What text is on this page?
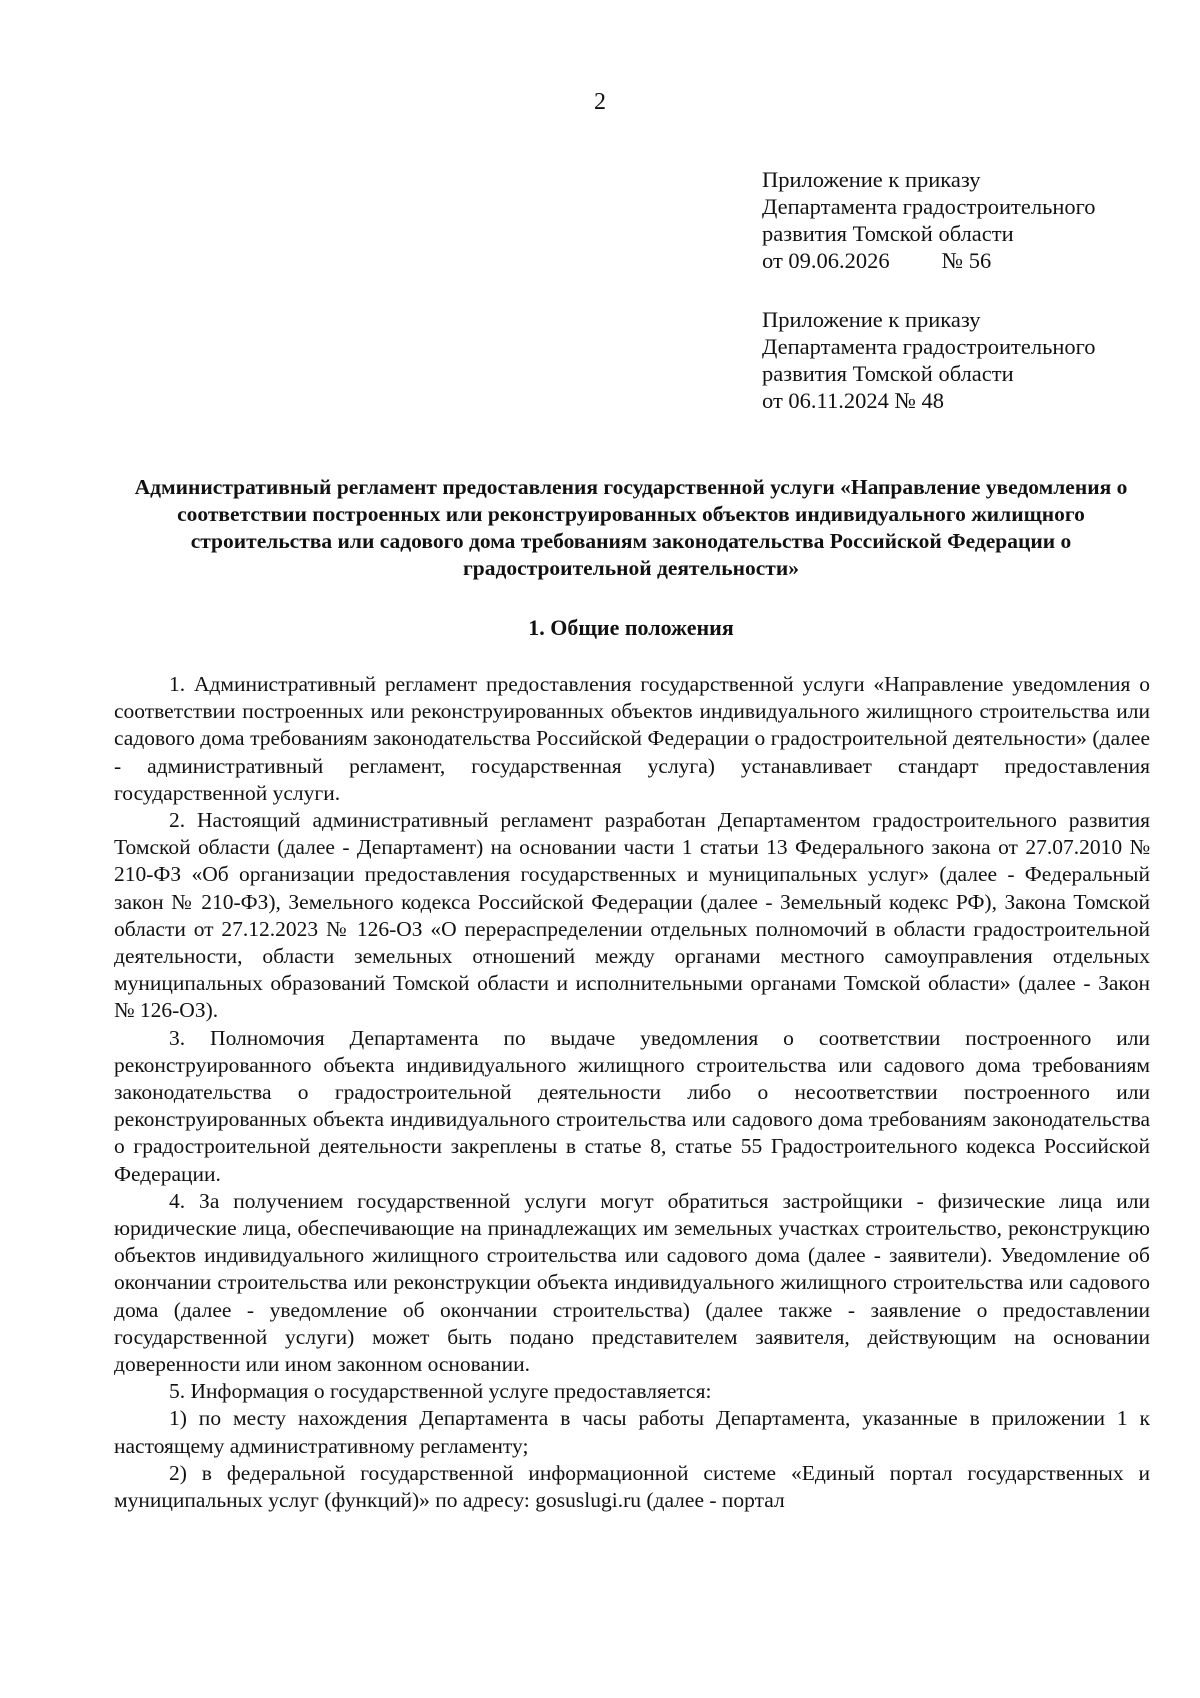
2
Приложение к приказу
Департамента градостроительного
развития Томской области
от 09.06.2026 № 56
Приложение к приказу
Департамента градостроительного
развития Томской области
от 06.11.2024 № 48
Административный регламент предоставления государственной услуги «Направление уведомления о соответствии построенных или реконструированных объектов индивидуального жилищного строительства или садового дома требованиям законодательства Российской Федерации о градостроительной деятельности»
1. Общие положения

1. Административный регламент предоставления государственной услуги «Направление уведомления о соответствии построенных или реконструированных объектов индивидуального жилищного строительства или садового дома требованиям законодательства Российской Федерации о градостроительной деятельности» (далее - административный регламент, государственная услуга) устанавливает стандарт предоставления государственной услуги.

2. Настоящий административный регламент разработан Департаментом градостроительного развития Томской области (далее - Департамент) на основании части 1 статьи 13 Федерального закона от 27.07.2010 № 210-ФЗ «Об организации предоставления государственных и муниципальных услуг» (далее - Федеральный закон № 210-ФЗ), Земельного кодекса Российской Федерации (далее - Земельный кодекс РФ), Закона Томской области от 27.12.2023 № 126-ОЗ «О перераспределении отдельных полномочий в области градостроительной деятельности, области земельных отношений между органами местного самоуправления отдельных муниципальных образований Томской области и исполнительными органами Томской области» (далее - Закон № 126-ОЗ).

3. Полномочия Департамента по выдаче уведомления о соответствии построенного или реконструированного объекта индивидуального жилищного строительства или садового дома требованиям законодательства о градостроительной деятельности либо о несоответствии построенного или реконструированных объекта индивидуального строительства или садового дома требованиям законодательства о градостроительной деятельности закреплены в статье 8, статье 55 Градостроительного кодекса Российской Федерации.

4. За получением государственной услуги могут обратиться застройщики - физические лица или юридические лица, обеспечивающие на принадлежащих им земельных участках строительство, реконструкцию объектов индивидуального жилищного строительства или садового дома (далее - заявители). Уведомление об окончании строительства или реконструкции объекта индивидуального жилищного строительства или садового дома (далее - уведомление об окончании строительства) (далее также - заявление о предоставлении государственной услуги) может быть подано представителем заявителя, действующим на основании доверенности или ином законном основании.

5. Информация о государственной услуге предоставляется:

1) по месту нахождения Департамента в часы работы Департамента, указанные в приложении 1 к настоящему административному регламенту;

2) в федеральной государственной информационной системе «Единый портал государственных и муниципальных услуг (функций)» по адресу: gosuslugi.ru (далее - портал
